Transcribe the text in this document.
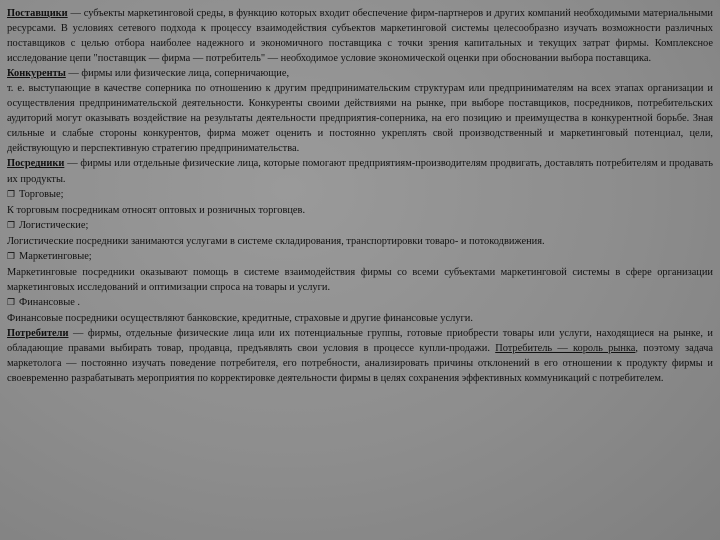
Поставщики — субъекты маркетинговой среды, в функцию которых входит обеспечение фирм-партнеров и других компаний необходимыми материальными ресурсами. В условиях сетевого подхода к процессу взаимодействия субъектов маркетинговой системы целесообразно изучать возможности различных поставщиков с целью отбора наиболее надежного и экономичного поставщика с точки зрения капитальных и текущих затрат фирмы. Комплексное исследование цепи "поставщик — фирма — потребитель" — необходимое условие экономической оценки при обосновании выбора поставщика.

Конкуренты — фирмы или физические лица, соперничающие,

т. е. выступающие в качестве соперника по отношению к другим предпринимательским структурам или предпринимателям на всех этапах организации и осуществления предпринимательской деятельности. Конкуренты своими действиями на рынке, при выборе поставщиков, посредников, потребительских аудиторий могут оказывать воздействие на результаты деятельности предприятия-соперника, на его позицию и преимущества в конкурентной борьбе. Зная сильные и слабые стороны конкурентов, фирма может оценить и постоянно укреплять свой производственный и маркетинговый потенциал, цели, действующую и перспективную стратегию предпринимательства.

Посредники — фирмы или отдельные физические лица, которые помогают предприятиям-производителям продвигать, доставлять потребителям и продавать их продукты.

❐ Торговые;

К торговым посредникам относят оптовых и розничных торговцев.

❐ Логистические;

Логистические посредники занимаются услугами в системе складирования, транспортировки товаро- и потокодвижения.

❐ Маркетинговые;

Маркетинговые посредники оказывают помощь в системе взаимодействия фирмы со всеми субъектами маркетинговой системы в сфере организации маркетинговых исследований и оптимизации спроса на товары и услуги.

❐ Финансовые .

Финансовые посредники осуществляют банковские, кредитные, страховые и другие финансовые услуги.

Потребители — фирмы, отдельные физические лица или их потенциальные группы, готовые приобрести товары или услуги, находящиеся на рынке, и обладающие правами выбирать товар, продавца, предъявлять свои условия в процессе купли-продажи. Потребитель — король рынка, поэтому задача маркетолога — постоянно изучать поведение потребителя, его потребности, анализировать причины отклонений в его отношении к продукту фирмы и своевременно разрабатывать мероприятия по корректировке деятельности фирмы в целях сохранения эффективных коммуникаций с потребителем.
